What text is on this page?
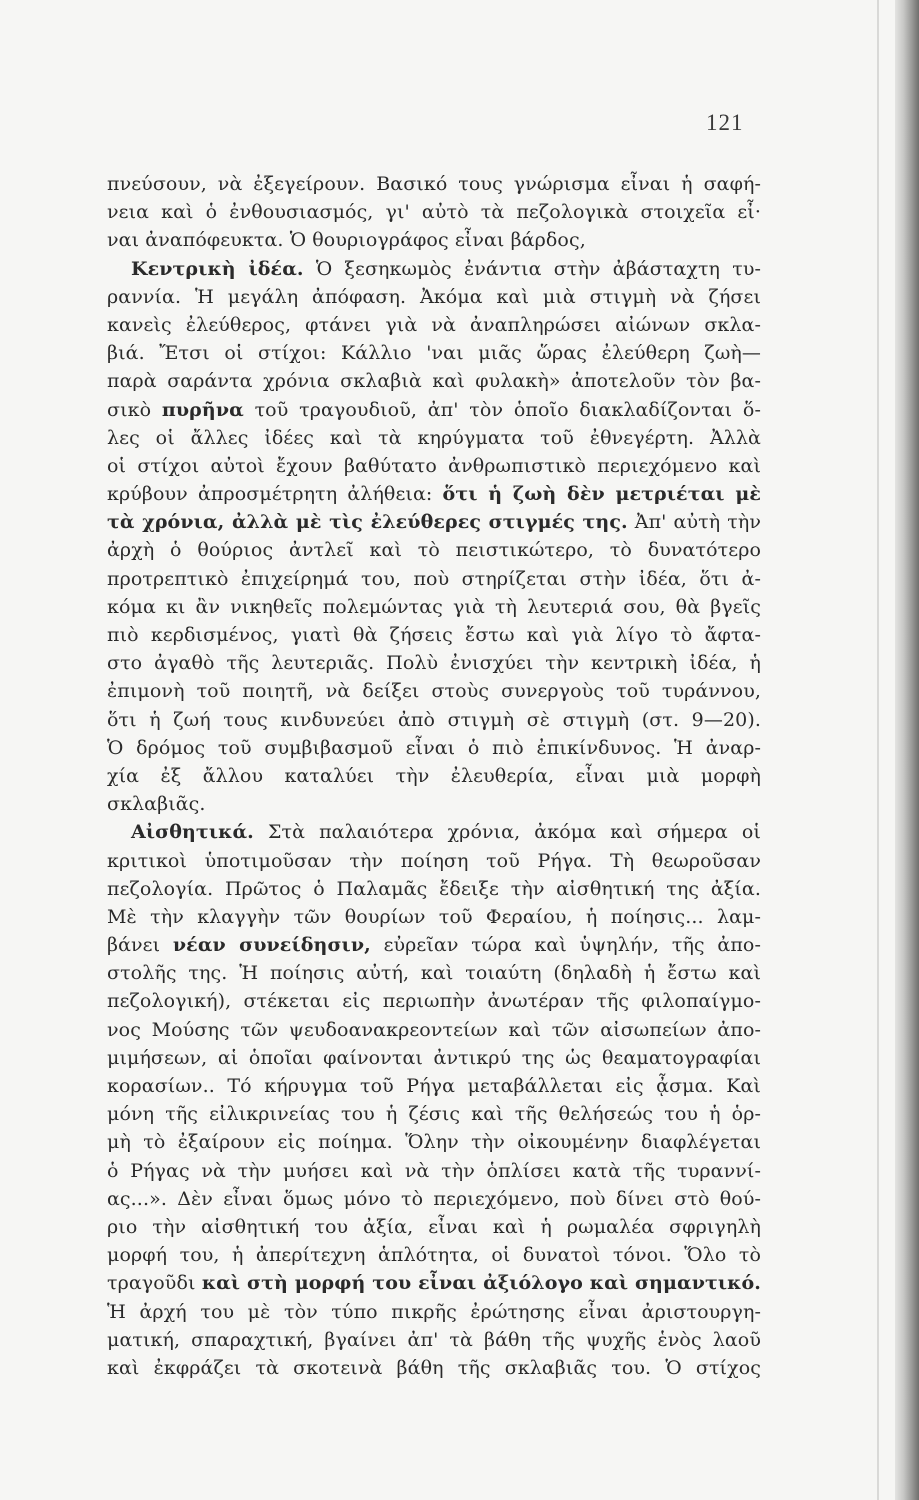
121
πνεύσουν, νὰ ἐξεγείρουν. Βασικό τους γνώρισμα εἶναι ἡ σαφή-
νεια καὶ ὁ ἐνθουσιασμός, γι' αὐτὸ τὰ πεζολογικὰ στοιχεῖα εἶ·
ναι ἀναπόφευκτα. Ὁ θουριογράφος εἶναι βάρδος,
Κεντρικὴ ἰδέα. Ὁ ξεσηκωμὸς ἐνάντια στὴν ἀβάσταχτη τυ-
ραννία. Ἡ μεγάλη ἀπόφαση. Ἀκόμα καὶ μιὰ στιγμὴ νὰ ζήσει
κανεὶς ἐλεύθερος, φτάνει γιὰ νὰ ἀναπληρώσει αἰώνων σκλα-
βιά. Ἔτσι οἱ στίχοι: Κάλλιο 'ναι μιᾶς ὥρας ἐλεύθερη ζωὴ—
παρὰ σαράντα χρόνια σκλαβιὰ καὶ φυλακὴ» ἀποτελοῦν τὸν βα-
σικὸ πυρῆνα τοῦ τραγουδιοῦ, ἀπ' τὸν ὁποῖο διακλαδίζονται ὅ-
λες οἱ ἄλλες ἰδέες καὶ τὰ κηρύγματα τοῦ ἐθνεγέρτη. Ἀλλὰ
οἱ στίχοι αὐτοὶ ἔχουν βαθύτατο ἀνθρωπιστικὸ περιεχόμενο καὶ
κρύβουν ἀπροσμέτρητη ἀλήθεια: ὅτι ἡ ζωὴ δὲν μετριέται μὲ
τὰ χρόνια, ἀλλὰ μὲ τὶς ἐλεύθερες στιγμές της. Ἀπ' αὐτὴ τὴν
ἀρχὴ ὁ θούριος ἀντλεῖ καὶ τὸ πειστικώτερο, τὸ δυνατότερο
προτρεπτικὸ ἐπιχείρημά του, ποὺ στηρίζεται στὴν ἰδέα, ὅτι ἀ-
κόμα κι ἂν νικηθεῖς πολεμώντας γιὰ τὴ λευτεριά σου, θὰ βγεῖς
πιὸ κερδισμένος, γιατὶ θὰ ζήσεις ἔστω καὶ γιὰ λίγο τὸ ἄφτα-
στο ἀγαθὸ τῆς λευτεριᾶς. Πολὺ ἐνισχύει τὴν κεντρικὴ ἰδέα, ἡ
ἐπιμονὴ τοῦ ποιητῆ, νὰ δείξει στοὺς συνεργοὺς τοῦ τυράννου,
ὅτι ἡ ζωή τους κινδυνεύει ἀπὸ στιγμὴ σὲ στιγμὴ (στ. 9—20).
Ὁ δρόμος τοῦ συμβιβασμοῦ εἶναι ὁ πιὸ ἐπικίνδυνος. Ἡ ἀναρ-
χία ἐξ ἄλλου καταλύει τὴν ἐλευθερία, εἶναι μιὰ μορφὴ
σκλαβιᾶς.
Αἰσθητικά. Στὰ παλαιότερα χρόνια, ἀκόμα καὶ σήμερα οἱ
κριτικοὶ ὑποτιμοῦσαν τὴν ποίηση τοῦ Ρήγα. Τὴ θεωροῦσαν
πεζολογία. Πρῶτος ὁ Παλαμᾶς ἔδειξε τὴν αἰσθητική της ἀξία.
Μὲ τὴν κλαγγὴν τῶν θουρίων τοῦ Φεραίου, ἡ ποίησις... λαμ-
βάνει νέαν συνείδησιν, εὐρεῖαν τώρα καὶ ὑψηλήν, τῆς ἀπο-
στολῆς της. Ἡ ποίησις αὐτή, καὶ τοιαύτη (δηλαδὴ ἡ ἔστω καὶ
πεζολογική), στέκεται εἰς περιωπὴν ἀνωτέραν τῆς φιλοπαίγμο-
νος Μούσης τῶν ψευδοανακρεοντείων καὶ τῶν αἰσωπείων ἀπο-
μιμήσεων, αἱ ὁποῖαι φαίνονται ἀντικρύ της ὡς θεαματογραφίαι
κορασίων.. Τό κήρυγμα τοῦ Ρήγα μεταβάλλεται εἰς ᾆσμα. Καὶ
μόνη τῆς εἰλικρινείας του ἡ ζέσις καὶ τῆς θελήσεώς του ἡ ὁρ-
μὴ τὸ ἐξαίρουν εἰς ποίημα. Ὅλην τὴν οἰκουμένην διαφλέγεται
ὁ Ρήγας νὰ τὴν μυήσει καὶ νὰ τὴν ὁπλίσει κατὰ τῆς τυραννί-
ας...». Δὲν εἶναι ὅμως μόνο τὸ περιεχόμενο, ποὺ δίνει στὸ θού-
ριο τὴν αἰσθητική του ἀξία, εἶναι καὶ ἡ ρωμαλέα σφριγηλὴ
μορφή του, ἡ ἀπερίτεχνη ἁπλότητα, οἱ δυνατοὶ τόνοι. Ὅλο τὸ
τραγοῦδι καὶ στὴ μορφή του εἶναι ἀξιόλογο καὶ σημαντικό.
Ἡ ἀρχή του μὲ τὸν τύπο πικρῆς ἐρώτησης εἶναι ἀριστουργη-
ματική, σπαραχτική, βγαίνει ἀπ' τὰ βάθη τῆς ψυχῆς ἑνὸς λαοῦ
καὶ ἐκφράζει τὰ σκοτεινὰ βάθη τῆς σκλαβιᾶς του. Ὁ στίχος
